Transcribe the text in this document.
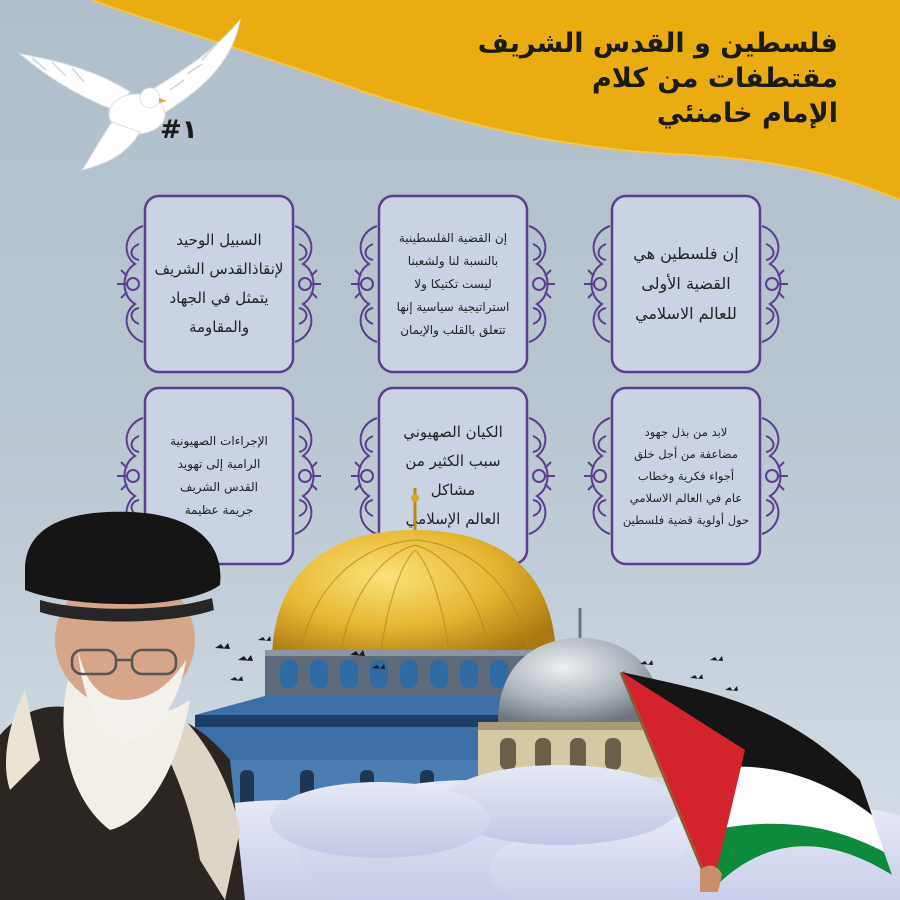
فلسطين و القدس الشريف
مقتطفات من كلام
الإمام خامنئي
#۱
إن فلسطين هي
القضية الأولى
للعالم الاسلامي
إن القضية الفلسطينية
بالنسبة لنا ولشعبنا
ليست تكتيكا ولا
استراتيجية سياسية إنها
تتعلق بالقلب والإيمان
السبيل الوحيد
لإنقاذالقدس الشريف
يتمثل في الجهاد
والمقاومة
لابد من بذل جهود
مضاعفة من أجل خلق
أجواء فكرية وخطاب
عام في العالم الاسلامي
حول أولوية قضية فلسطين
الكيان الصهيوني
سبب الكثير من
مشاكل
العالم الإسلامي
الإجراءات الصهيونية
الرامية إلى تهويد
القدس الشريف
جريمة عظيمة
